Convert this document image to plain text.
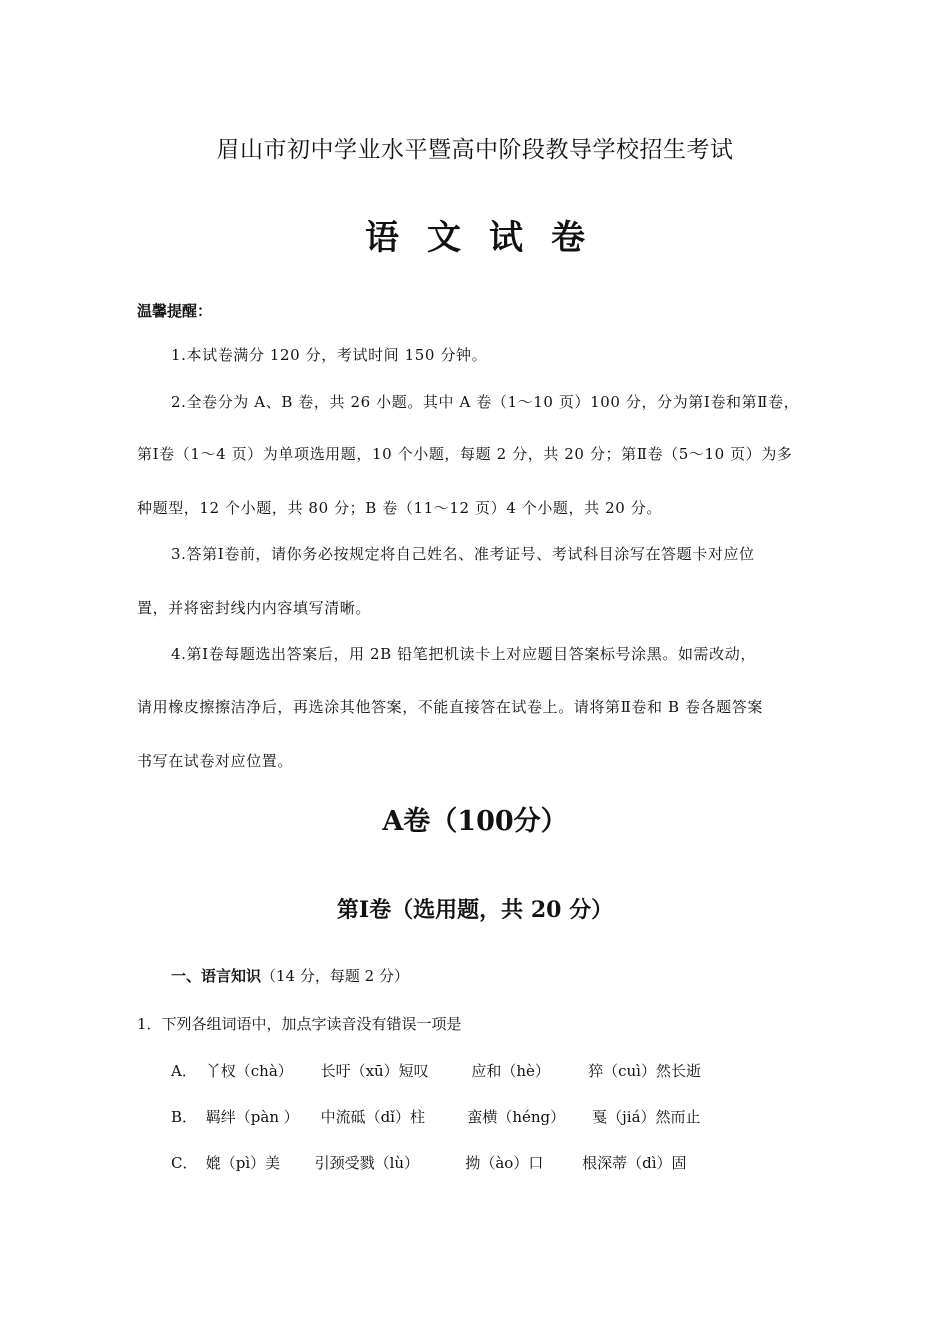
眉山市初中学业水平暨高中阶段教导学校招生考试
语文试卷
温馨提醒：
1.本试卷满分 120 分，考试时间 150 分钟。
2.全卷分为 A、B 卷，共 26 小题。其中 A 卷（1～10 页）100 分，分为第Ⅰ卷和第Ⅱ卷，
第Ⅰ卷（1～4 页）为单项选用题，10 个小题，每题 2 分，共 20 分；第Ⅱ卷（5～10 页）为多
种题型，12 个小题，共 80 分；B 卷（11～12 页）4 个小题，共 20 分。
3.答第Ⅰ卷前，请你务必按规定将自己姓名、准考证号、考试科目涂写在答题卡对应位
置，并将密封线内内容填写清晰。
4.第Ⅰ卷每题选出答案后，用 2B 铅笔把机读卡上对应题目答案标号涂黑。如需改动，
请用橡皮擦擦洁净后，再选涂其他答案，不能直接答在试卷上。请将第Ⅱ卷和 B 卷各题答案
书写在试卷对应位置。
A卷（100分）
第Ⅰ卷（选用题，共 20 分）
一、语言知识（14 分，每题 2 分）
1．下列各组词语中，加点字读音没有错误一项是
A． 丫杈（chà） 长吁（xū）短叹	应和（hè）	猝（cuì）然长逝
B． 羁绊（pàn ） 中流砥（dǐ）柱	蛮横（héng） 戛（jiá）然而止
C． 媲（pì）美 引颈受戮（lù）	拗（ào）口	根深蒂（dì）固
